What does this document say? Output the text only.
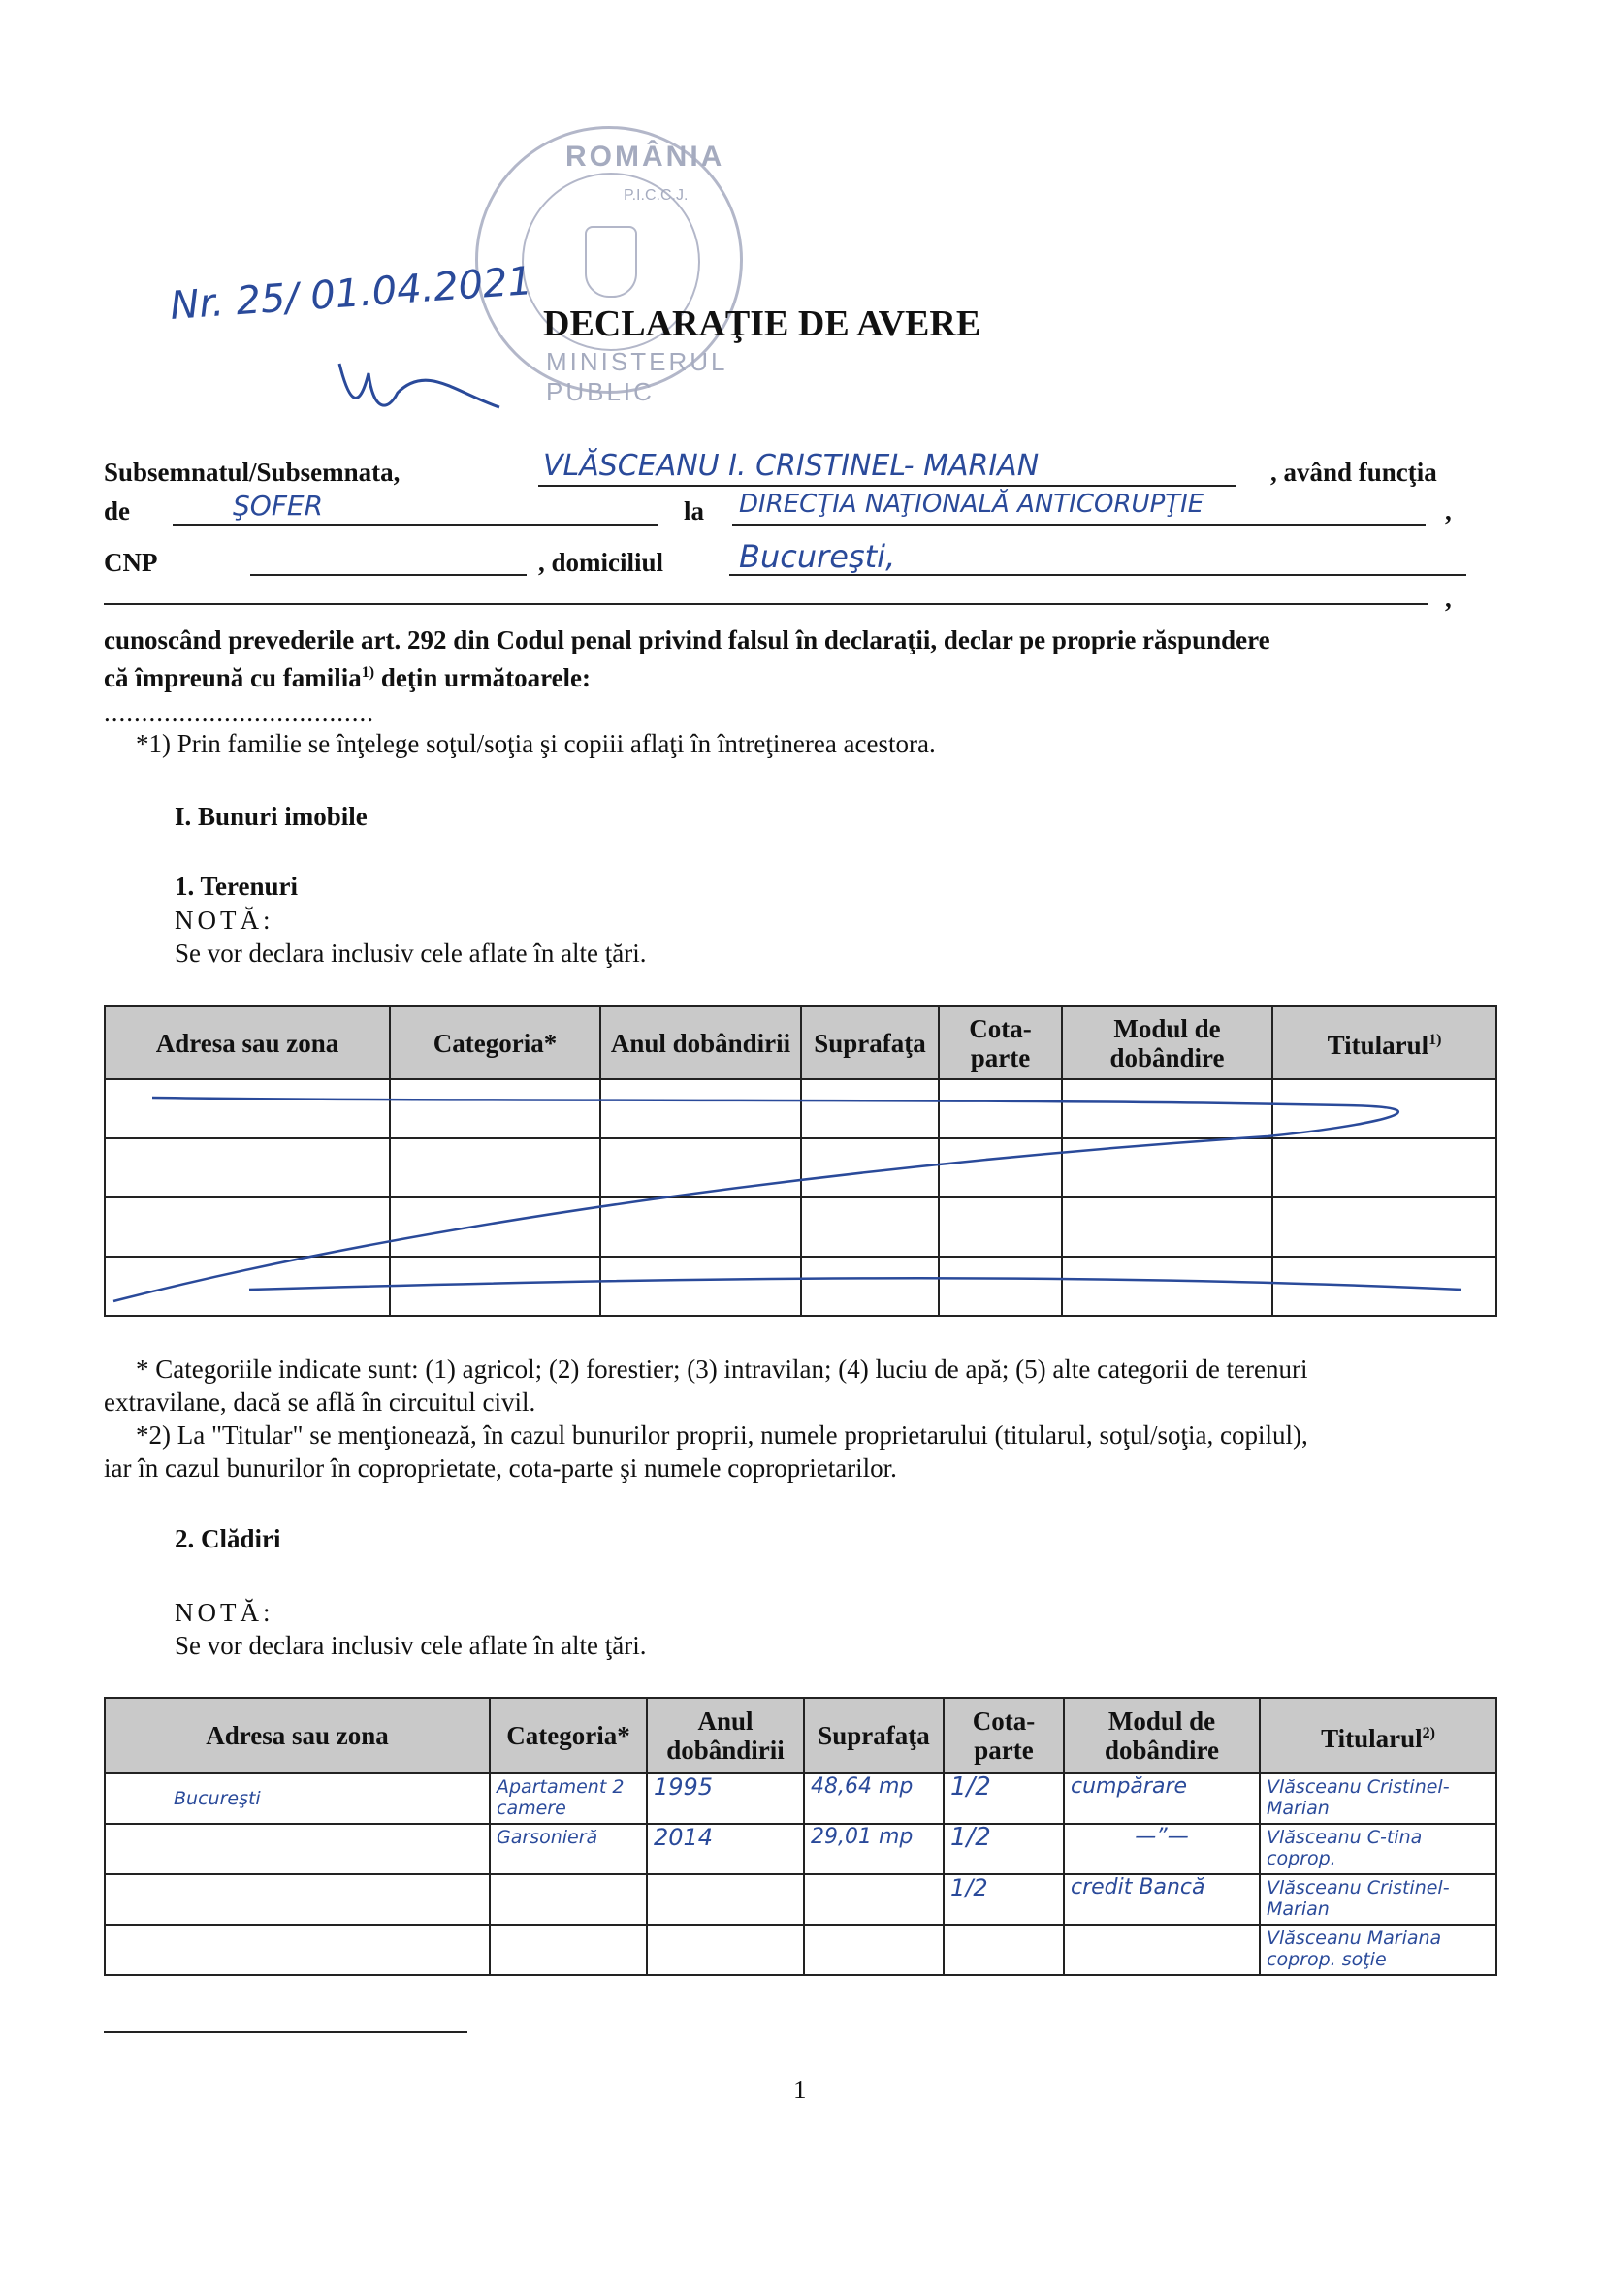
ROMÂNIA
P.I.C.C.J.
MINISTERUL PUBLIC
Nr. 25/ 01.04.2021 DECLARAŢIE DE AVERE
Subsemnatul/Subsemnata,	VLĂSCEANU I. CRISTINEL- MARIAN	, având funcţia
de	ŞOFER	la DIRECŢIA NAŢIONALĂ ANTICORUPŢIE	,
CNP	, domiciliul Bucureşti,
,
cunoscând prevederile art. 292 din Codul penal privind falsul în declaraţii, declar pe proprie răspundere
că împreună cu familia$^{1)}$ deţin următoarele:
....................................
*1) Prin familie se înţelege soţul/soţia şi copiii aflaţi în întreţinerea acestora.
I. Bunuri imobile
1. Terenuri
NOTĂ:
Se vor declara inclusiv cele aflate în alte ţări.
Adresa sau zona	Categoria*	Anul dobândirii	Suprafaţa	Cota-parte	Modul de dobândire	Titularul$^{1)}$

* Categoriile indicate sunt: (1) agricol; (2) forestier; (3) intravilan; (4) luciu de apă; (5) alte categorii de terenuri
extravilane, dacă se află în circuitul civil.
*2) La "Titular" se menţionează, în cazul bunurilor proprii, numele proprietarului (titularul, soţul/soţia, copilul),
iar în cazul bunurilor în coproprietate, cota-parte şi numele coproprietarilor.
2. Clădiri
NOTĂ:
Se vor declara inclusiv cele aflate în alte ţări.
Adresa sau zona	Categoria*	Anul dobândirii	Suprafaţa	Cota-parte	Modul de dobândire	Titularul$^{2)}$
Bucureşti	Apartament 2 camere	1995	48,64 mp	1/2	cumpărare	Vlăsceanu Cristinel-Marian
	Garsonieră	2014	29,01 mp	1/2	—”—	Vlăsceanu C-tina coprop.
				1/2	credit Bancă	Vlăsceanu Cristinel-Marian
						Vlăsceanu Mariana coprop. soţie
1
